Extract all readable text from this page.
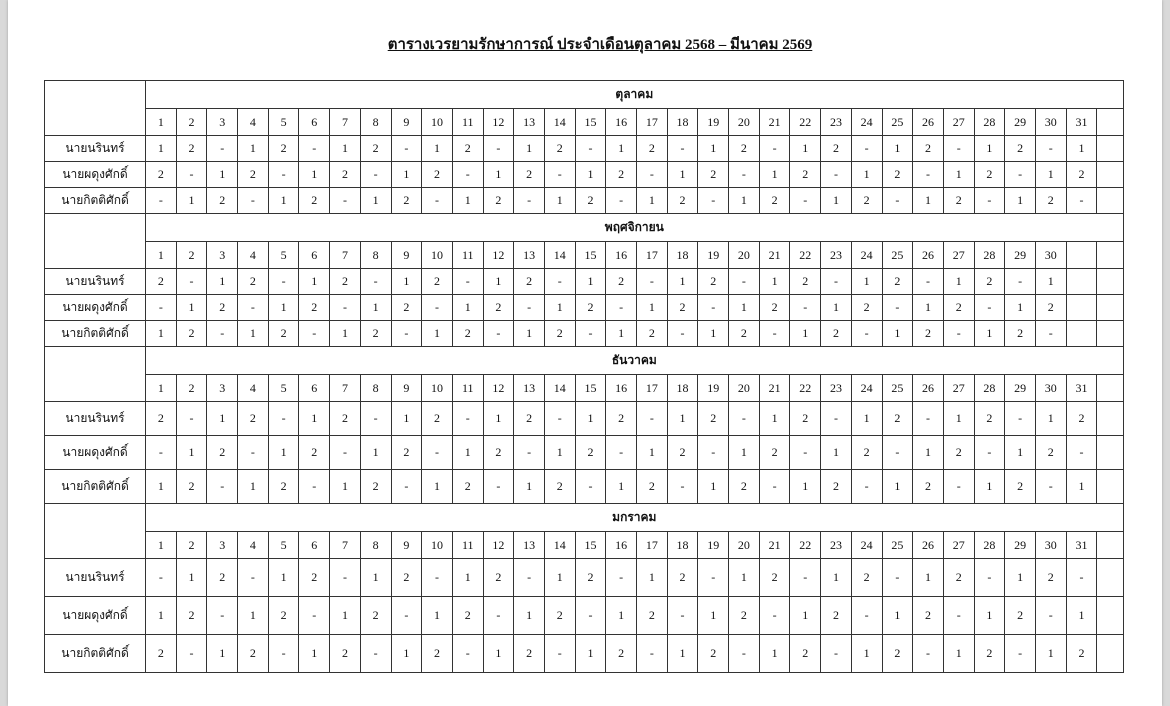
ตารางเวรยามรักษาการณ์ ประจำเดือนตุลาคม 2568 – มีนาคม 2569
	ตุลาคม																															
	1	2	3	4	5	6	7	8	9	10	11	12	13	14	15	16	17	18	19	20	21	22	23	24	25	26	27	28	29	30	31	
นายนรินทร์	1	2	-	1	2	-	1	2	-	1	2	-	1	2	-	1	2	-	1	2	-	1	2	-	1	2	-	1	2	-	1	
นายผดุงศักดิ์	2	-	1	2	-	1	2	-	1	2	-	1	2	-	1	2	-	1	2	-	1	2	-	1	2	-	1	2	-	1	2	
นายกิตติศักดิ์	-	1	2	-	1	2	-	1	2	-	1	2	-	1	2	-	1	2	-	1	2	-	1	2	-	1	2	-	1	2	-	
	พฤศจิกายน																															
	1	2	3	4	5	6	7	8	9	10	11	12	13	14	15	16	17	18	19	20	21	22	23	24	25	26	27	28	29	30		
นายนรินทร์	2	-	1	2	-	1	2	-	1	2	-	1	2	-	1	2	-	1	2	-	1	2	-	1	2	-	1	2	-	1		
นายผดุงศักดิ์	-	1	2	-	1	2	-	1	2	-	1	2	-	1	2	-	1	2	-	1	2	-	1	2	-	1	2	-	1	2		
นายกิตติศักดิ์	1	2	-	1	2	-	1	2	-	1	2	-	1	2	-	1	2	-	1	2	-	1	2	-	1	2	-	1	2	-		
	ธันวาคม																															
	1	2	3	4	5	6	7	8	9	10	11	12	13	14	15	16	17	18	19	20	21	22	23	24	25	26	27	28	29	30	31	
นายนรินทร์	2	-	1	2	-	1	2	-	1	2	-	1	2	-	1	2	-	1	2	-	1	2	-	1	2	-	1	2	-	1	2	
นายผดุงศักดิ์	-	1	2	-	1	2	-	1	2	-	1	2	-	1	2	-	1	2	-	1	2	-	1	2	-	1	2	-	1	2	-	
นายกิตติศักดิ์	1	2	-	1	2	-	1	2	-	1	2	-	1	2	-	1	2	-	1	2	-	1	2	-	1	2	-	1	2	-	1	
	มกราคม																															
	1	2	3	4	5	6	7	8	9	10	11	12	13	14	15	16	17	18	19	20	21	22	23	24	25	26	27	28	29	30	31	
นายนรินทร์	-	1	2	-	1	2	-	1	2	-	1	2	-	1	2	-	1	2	-	1	2	-	1	2	-	1	2	-	1	2	-	
นายผดุงศักดิ์	1	2	-	1	2	-	1	2	-	1	2	-	1	2	-	1	2	-	1	2	-	1	2	-	1	2	-	1	2	-	1	
นายกิตติศักดิ์	2	-	1	2	-	1	2	-	1	2	-	1	2	-	1	2	-	1	2	-	1	2	-	1	2	-	1	2	-	1	2	
